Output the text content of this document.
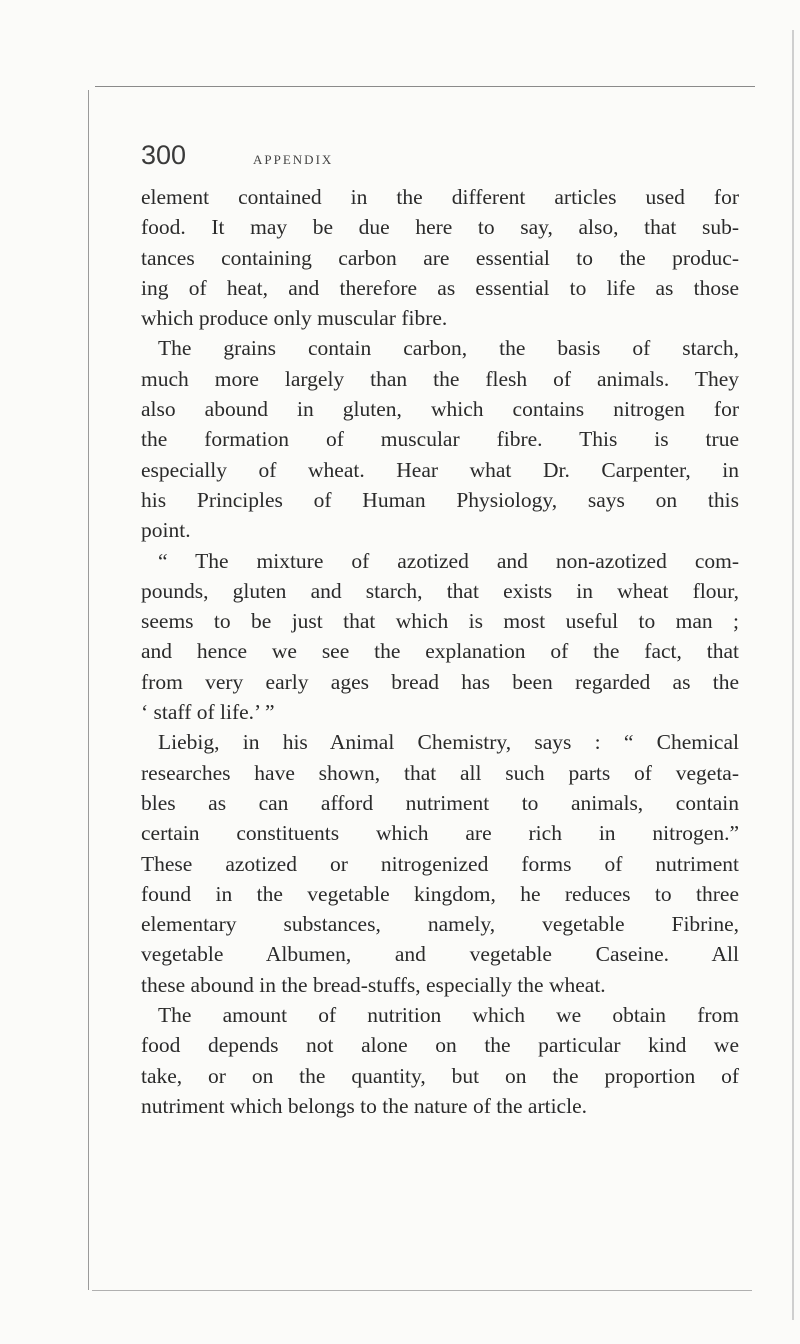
300	APPENDIX
element contained in the different articles used for
food. It may be due here to say, also, that sub-
tances containing carbon are essential to the produc-
ing of heat, and therefore as essential to life as those
which produce only muscular fibre.
The grains contain carbon, the basis of starch,
much more largely than the flesh of animals. They
also abound in gluten, which contains nitrogen for
the formation of muscular fibre. This is true
especially of wheat. Hear what Dr. Carpenter, in
his Principles of Human Physiology, says on this
point.
“ The mixture of azotized and non-azotized com-
pounds, gluten and starch, that exists in wheat flour,
seems to be just that which is most useful to man ;
and hence we see the explanation of the fact, that
from very early ages bread has been regarded as the
‘ staff of life.’ ”
Liebig, in his Animal Chemistry, says : “ Chemical
researches have shown, that all such parts of vegeta-
bles as can afford nutriment to animals, contain
certain constituents which are rich in nitrogen.”
These azotized or nitrogenized forms of nutriment
found in the vegetable kingdom, he reduces to three
elementary substances, namely, vegetable Fibrine,
vegetable Albumen, and vegetable Caseine. All
these abound in the bread-stuffs, especially the wheat.
The amount of nutrition which we obtain from
food depends not alone on the particular kind we
take, or on the quantity, but on the proportion of
nutriment which belongs to the nature of the article.
